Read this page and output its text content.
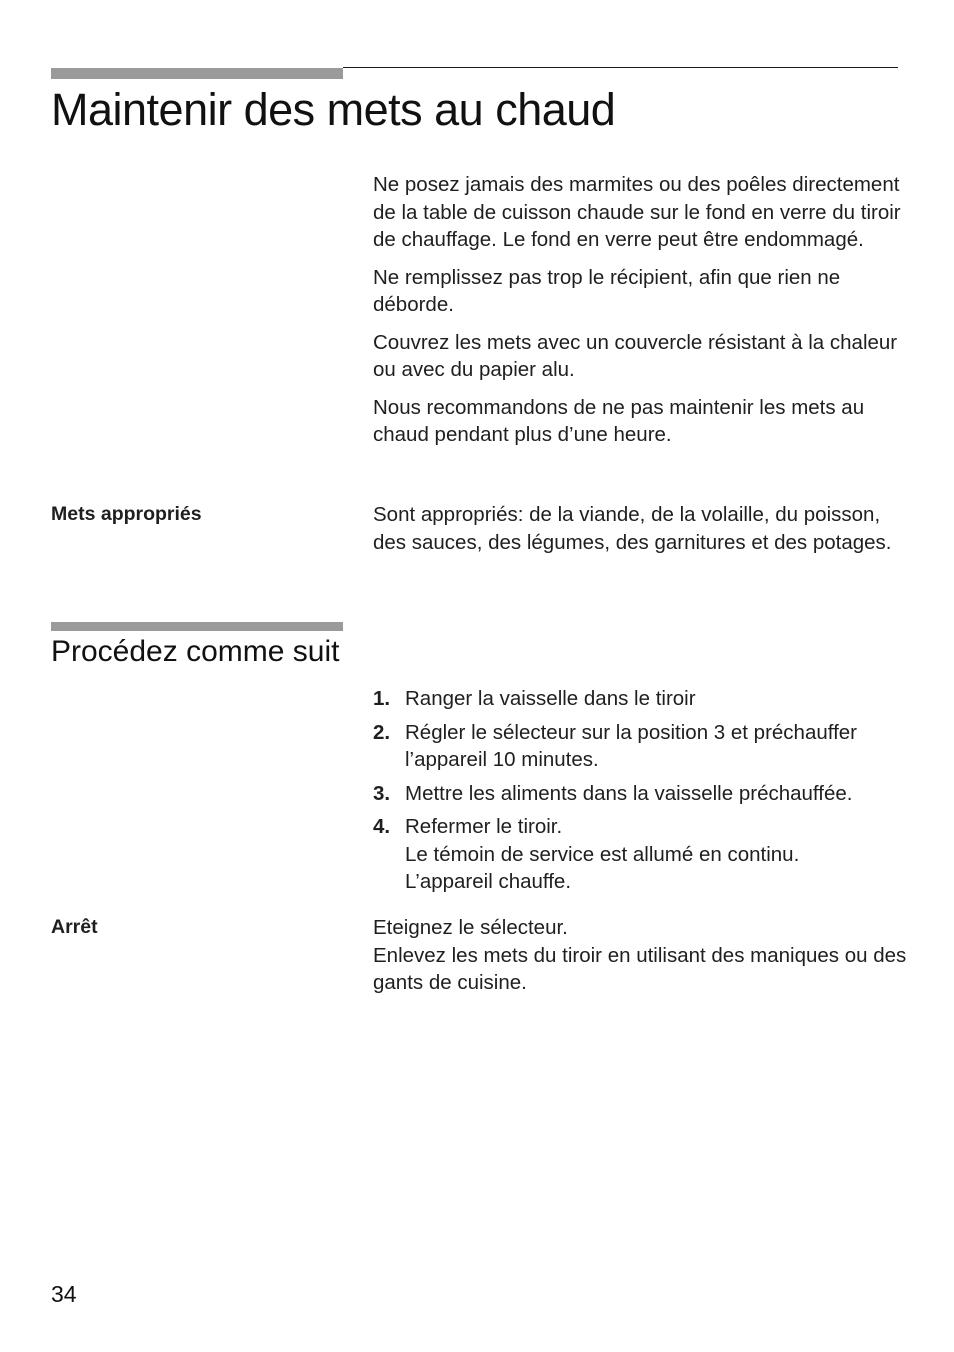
Maintenir des mets au chaud

Ne posez jamais des marmites ou des poêles directement de la table de cuisson chaude sur le fond en verre du tiroir de chauffage. Le fond en verre peut être endommagé.

Ne remplissez pas trop le récipient, afin que rien ne déborde.

Couvrez les mets avec un couvercle résistant à la chaleur ou avec du papier alu.

Nous recommandons de ne pas maintenir les mets au chaud pendant plus d’une heure.

Mets appropriés	Sont appropriés: de la viande, de la volaille, du poisson, des sauces, des légumes, des garnitures et des potages.

Procédez comme suit
1. Ranger la vaisselle dans le tiroir
2. Régler le sélecteur sur la position 3 et préchauffer l’appareil 10 minutes.
3. Mettre les aliments dans la vaisselle préchauffée.
4. Refermer le tiroir.
Le témoin de service est allumé en continu.
L’appareil chauffe.
Arrêt	Eteignez le sélecteur.
Enlevez les mets du tiroir en utilisant des maniques ou des gants de cuisine.

34
